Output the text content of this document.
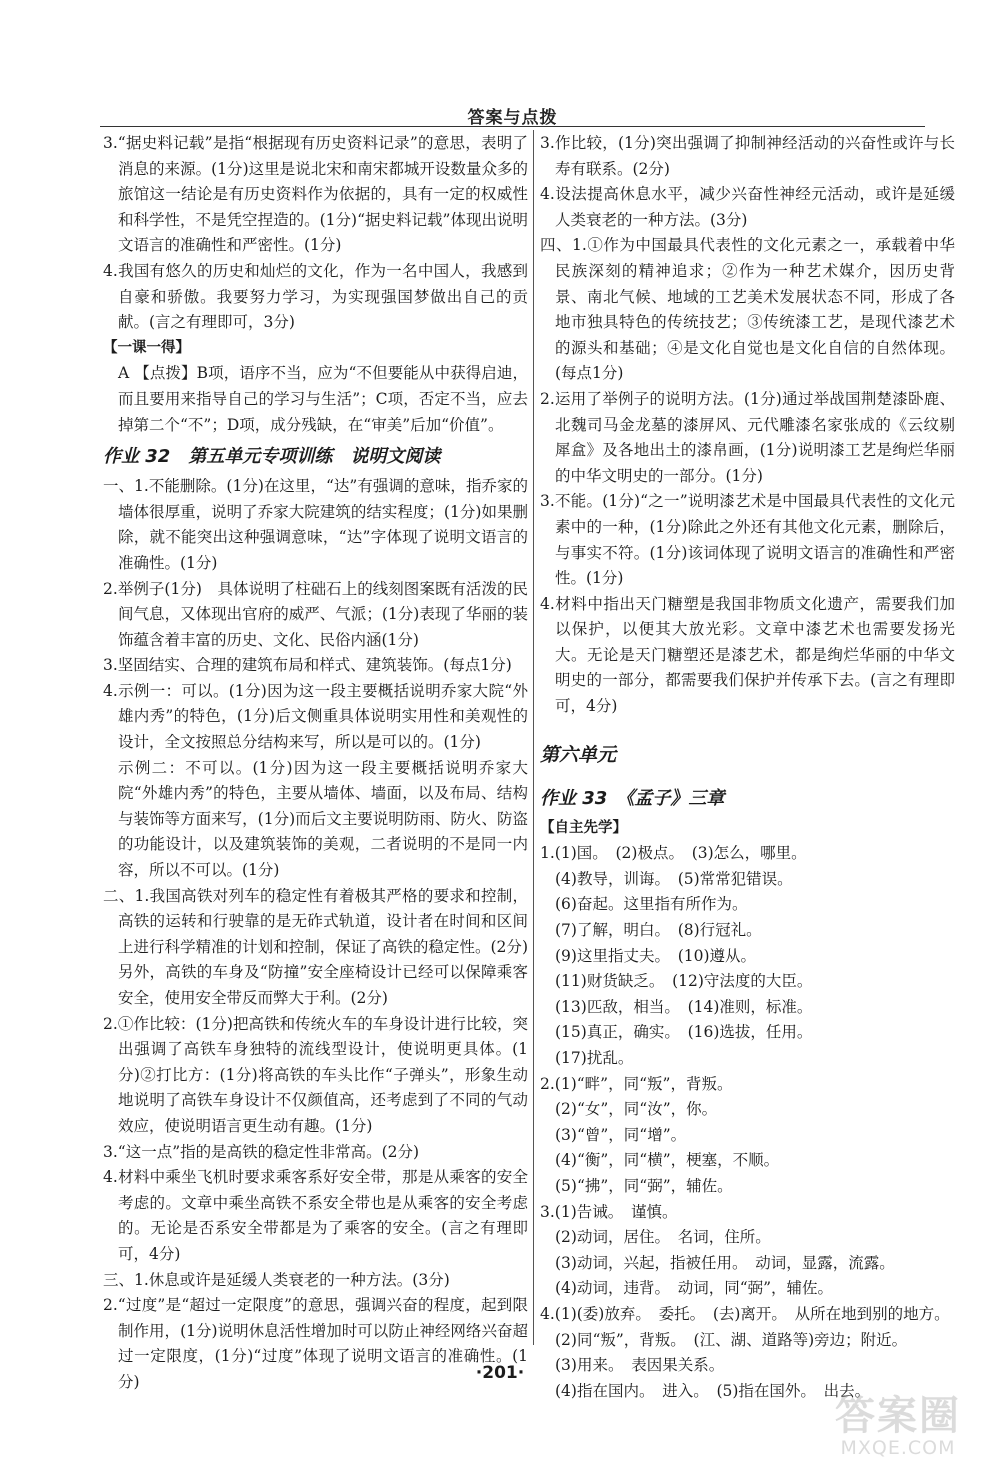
答案与点拨
3.“据史料记载”是指“根据现有历史资料记录”的意思，表明了消息的来源。(1分)这里是说北宋和南宋都城开设数量众多的旅馆这一结论是有历史资料作为依据的，具有一定的权威性和科学性，不是凭空捏造的。(1分)“据史料记载”体现出说明文语言的准确性和严密性。(1分)
4.我国有悠久的历史和灿烂的文化，作为一名中国人，我感到自豪和骄傲。我要努力学习，为实现强国梦做出自己的贡献。(言之有理即可，3分)
【一课一得】
A 【点拨】B项，语序不当，应为“不但要能从中获得启迪，而且要用来指导自己的学习与生活”；C项，否定不当，应去掉第二个“不”；D项，成分残缺，在“审美”后加“价值”。
作业 32　第五单元专项训练　说明文阅读
一、1.不能删除。(1分)在这里，“达”有强调的意味，指乔家的墙体很厚重，说明了乔家大院建筑的结实程度；(1分)如果删除，就不能突出这种强调意味，“达”字体现了说明文语言的准确性。(1分)
2.举例子(1分)　具体说明了柱础石上的线刻图案既有活泼的民间气息，又体现出官府的威严、气派；(1分)表现了华丽的装饰蕴含着丰富的历史、文化、民俗内涵(1分)
3.坚固结实、合理的建筑布局和样式、建筑装饰。(每点1分)
4.示例一：可以。(1分)因为这一段主要概括说明乔家大院“外雄内秀”的特色，(1分)后文侧重具体说明实用性和美观性的设计，全文按照总分结构来写，所以是可以的。(1分)
示例二：不可以。(1分)因为这一段主要概括说明乔家大院“外雄内秀”的特色，主要从墙体、墙面，以及布局、结构与装饰等方面来写，(1分)而后文主要说明防雨、防火、防盗的功能设计，以及建筑装饰的美观，二者说明的不是同一内容，所以不可以。(1分)
二、1.我国高铁对列车的稳定性有着极其严格的要求和控制，高铁的运转和行驶靠的是无砟式轨道，设计者在时间和区间上进行科学精准的计划和控制，保证了高铁的稳定性。(2分)另外，高铁的车身及“防撞”安全座椅设计已经可以保障乘客安全，使用安全带反而弊大于利。(2分)
2.①作比较：(1分)把高铁和传统火车的车身设计进行比较，突出强调了高铁车身独特的流线型设计，使说明更具体。(1分)②打比方：(1分)将高铁的车头比作“子弹头”，形象生动地说明了高铁车身设计不仅颜值高，还考虑到了不同的气动效应，使说明语言更生动有趣。(1分)
3.“这一点”指的是高铁的稳定性非常高。(2分)
4.材料中乘坐飞机时要求乘客系好安全带，那是从乘客的安全考虑的。文章中乘坐高铁不系安全带也是从乘客的安全考虑的。无论是否系安全带都是为了乘客的安全。(言之有理即可，4分)
三、1.休息或许是延缓人类衰老的一种方法。(3分)
2.“过度”是“超过一定限度”的意思，强调兴奋的程度，起到限制作用，(1分)说明休息活性增加时可以防止神经网络兴奋超过一定限度，(1分)“过度”体现了说明文语言的准确性。(1分)
3.作比较，(1分)突出强调了抑制神经活动的兴奋性或许与长寿有联系。(2分)
4.设法提高休息水平，减少兴奋性神经元活动，或许是延缓人类衰老的一种方法。(3分)
四、1.①作为中国最具代表性的文化元素之一，承载着中华民族深刻的精神追求；②作为一种艺术媒介，因历史背景、南北气候、地域的工艺美术发展状态不同，形成了各地市独具特色的传统技艺；③传统漆工艺，是现代漆艺术的源头和基础；④是文化自觉也是文化自信的自然体现。(每点1分)
2.运用了举例子的说明方法。(1分)通过举战国荆楚漆卧鹿、北魏司马金龙墓的漆屏风、元代雕漆名家张成的《云纹剔犀盒》及各地出土的漆帛画，(1分)说明漆工艺是绚烂华丽的中华文明史的一部分。(1分)
3.不能。(1分)“之一”说明漆艺术是中国最具代表性的文化元素中的一种，(1分)除此之外还有其他文化元素，删除后，与事实不符。(1分)该词体现了说明文语言的准确性和严密性。(1分)
4.材料中指出天门糖塑是我国非物质文化遗产，需要我们加以保护，以便其大放光彩。文章中漆艺术也需要发扬光大。无论是天门糖塑还是漆艺术，都是绚烂华丽的中华文明史的一部分，都需要我们保护并传承下去。(言之有理即可，4分)
第六单元
作业 33　《孟子》三章
【自主先学】
1.(1)国。　(2)极点。　(3)怎么，哪里。
(4)教导，训诲。　(5)常常犯错误。
(6)奋起。这里指有所作为。
(7)了解，明白。　(8)行冠礼。
(9)这里指丈夫。　(10)遵从。
(11)财货缺乏。　(12)守法度的大臣。
(13)匹敌，相当。　(14)准则，标准。
(15)真正，确实。　(16)选拔，任用。
(17)扰乱。
2.(1)“畔”，同“叛”，背叛。
(2)“女”，同“汝”，你。
(3)“曾”，同“增”。
(4)“衡”，同“横”，梗塞，不顺。
(5)“拂”，同“弼”，辅佐。
3.(1)告诫。　谨慎。
(2)动词，居住。　名词，住所。
(3)动词，兴起，指被任用。　动词，显露，流露。
(4)动词，违背。　动词，同“弼”，辅佐。
4.(1)(委)放弃。　委托。　(去)离开。　从所在地到别的地方。
(2)同“叛”，背叛。　(江、湖、道路等)旁边；附近。
(3)用来。　表因果关系。
(4)指在国内。　进入。　(5)指在国外。　出去。
·201·
答案圈
MXQE.COM
